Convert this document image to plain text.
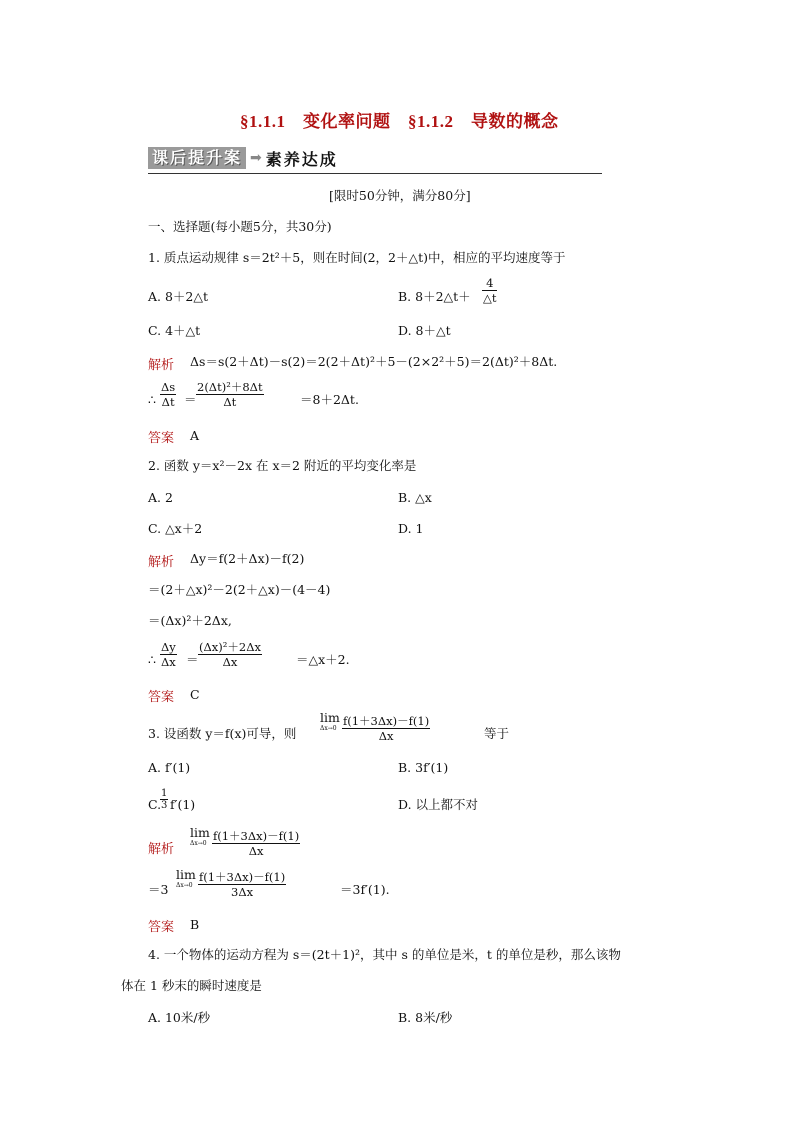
§1.1.1　变化率问题　§1.1.2　导数的概念
课后提升案 ➡ 素养达成
[限时50分钟，满分80分]
一、选择题(每小题5分，共30分)
1. 质点运动规律 s＝2t²＋5，则在时间(2，2＋△t)中，相应的平均速度等于
A. 8＋2△t	B. 8＋2△t＋
4
△t
C. 4＋△t	D. 8＋△t
解析 Δs＝s(2＋Δt)－s(2)＝2(2＋Δt)²＋5－(2×2²＋5)＝2(Δt)²＋8Δt.
∴
Δs
Δt ＝
2(Δt)²＋8Δt
Δt	＝8＋2Δt.
答案 A
2. 函数 y＝x²－2x 在 x＝2 附近的平均变化率是
A. 2	B. △x
C. △x＋2	D. 1
解析 Δy＝f(2＋Δx)－f(2)
＝(2＋△x)²－2(2＋△x)－(4－4)
＝(Δx)²＋2Δx,
∴
Δy
Δx ＝
(Δx)²＋2Δx
Δx	＝△x＋2.
答案 C
3. 设函数 y＝f(x)可导，则
lim
Δx→0
f(1＋3Δx)－f(1)
Δx	等于
A. f′(1)	B. 3f′(1)
C.
1
3 f′(1)	D. 以上都不对
解析
lim
Δx→0
f(1＋3Δx)－f(1)
Δx
＝3
lim
Δx→0
f(1＋3Δx)－f(1)
3Δx	＝3f′(1).
答案 B
4. 一个物体的运动方程为 s＝(2t＋1)²，其中 s 的单位是米，t 的单位是秒，那么该物
体在 1 秒末的瞬时速度是
A. 10米/秒	B. 8米/秒
